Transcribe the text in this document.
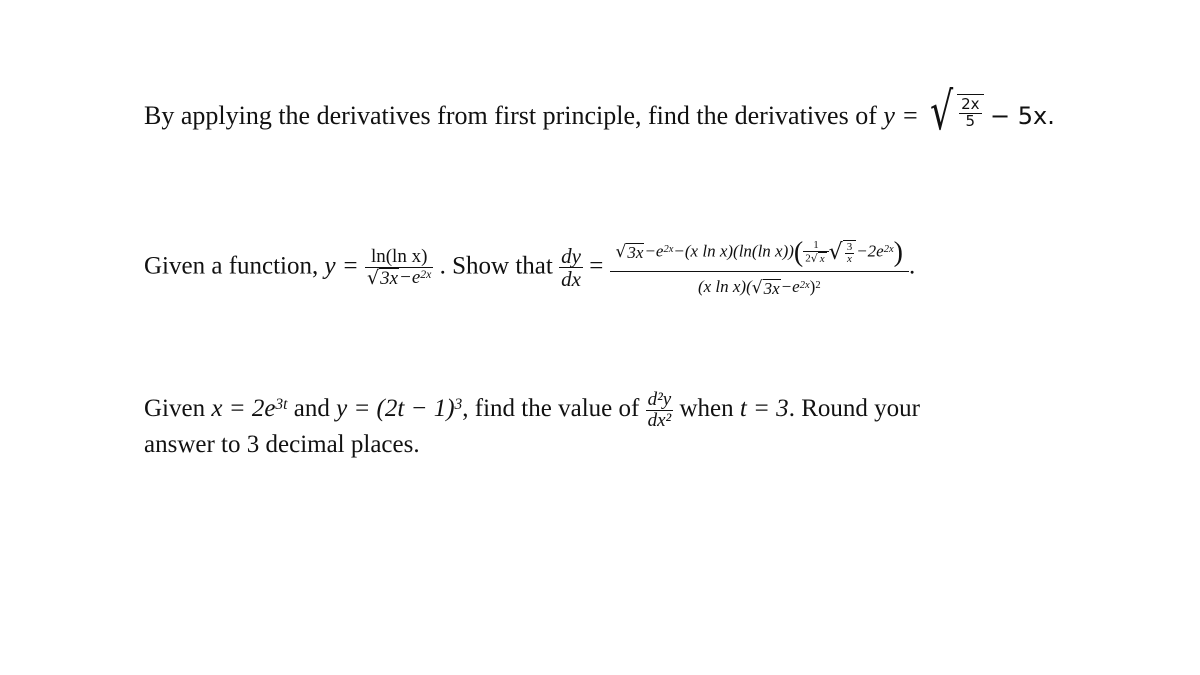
By applying the derivatives from first principle, find the derivatives of y = √ $\frac{2x}{5} - 5x$.
Given a function, $y = \frac{\text{ln(ln x)}}{√3x-e^{2x}}$ . Show that $\frac{dy}{dx} = \frac{√3x-e^{2x}-(x \ln x)(\ln(\ln x))( \frac{1}{2√ x} √ \frac{3}{x} -2e^{2x})}{(x \ln x)(√3x-e^{2x})^2}$ .
Given $x = 2e^{3t}$ and $y = (2t - 1)^3$, find the value of $\frac{\text{d²y}}{\text{dx²}}$ when t = 3. Round your
answer to 3 decimal places.
